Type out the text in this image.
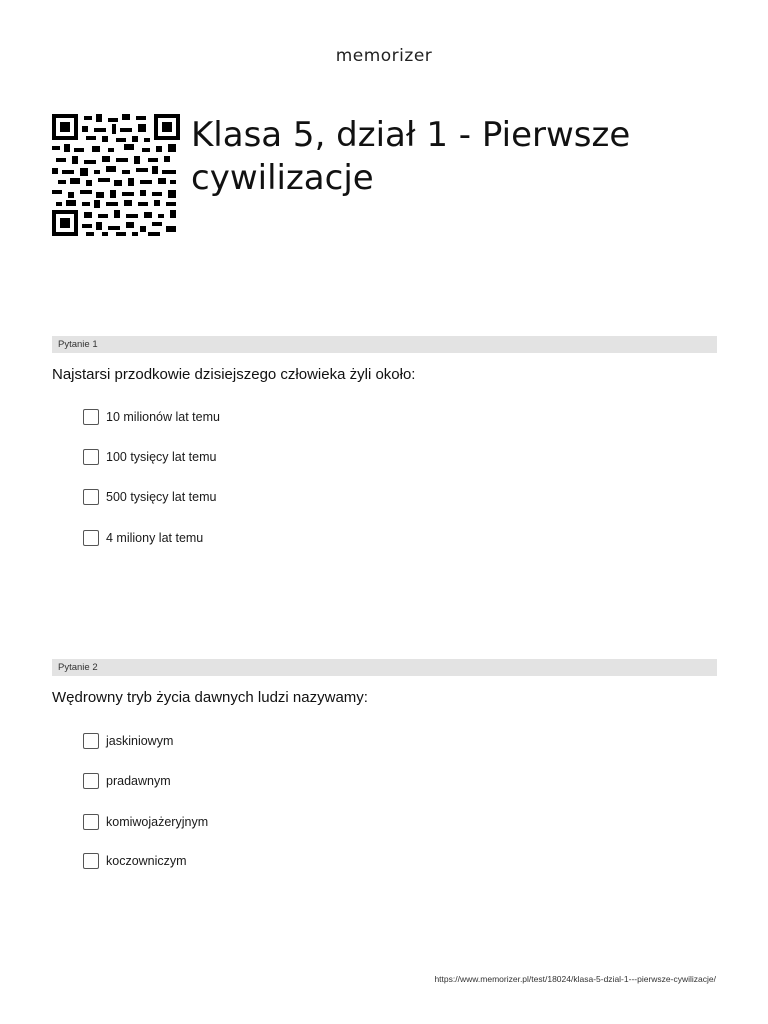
memorizer
Klasa 5, dział 1 - Pierwsze cywilizacje
Pytanie 1
Najstarsi przodkowie dzisiejszego człowieka żyli około:
10 milionów lat temu
100 tysięcy lat temu
500 tysięcy lat temu
4 miliony lat temu
Pytanie 2
Wędrowny tryb życia dawnych ludzi nazywamy:
jaskiniowym
pradawnym
komiwojażeryjnym
koczowniczym
https://www.memorizer.pl/test/18024/klasa-5-dzial-1---pierwsze-cywilizacje/
